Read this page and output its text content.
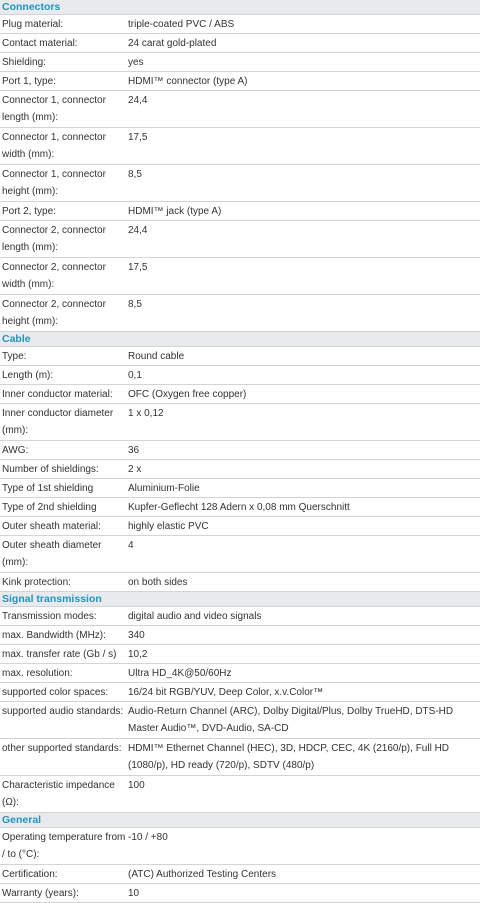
Connectors
Plug material:	triple-coated PVC / ABS
Contact material:	24 carat gold-plated
Shielding:	yes
Port 1, type:	HDMI™ connector (type A)
Connector 1, connector length (mm):
24,4
Connector 1, connector width (mm):
17,5
Connector 1, connector height (mm):
8,5
Port 2, type:	HDMI™ jack (type A)
Connector 2, connector length (mm):
24,4
Connector 2, connector width (mm):
17,5
Connector 2, connector height (mm):
8,5
Cable
Type:	Round cable
Length (m):	0,1
Inner conductor material:	OFC (Oxygen free copper)
Inner conductor diameter (mm):
1 x 0,12
AWG:	36
Number of shieldings:	2 x
Type of 1st shielding	Aluminium-Folie
Type of 2nd shielding	Kupfer-Geflecht 128 Adern x 0,08 mm Querschnitt
Outer sheath material:	highly elastic PVC
Outer sheath diameter (mm):
4
Kink protection:	on both sides
Signal transmission
Transmission modes:	digital audio and video signals
max. Bandwidth (MHz):	340
max. transfer rate (Gb / s)	10,2
max. resolution:	Ultra HD_4K@50/60Hz
supported color spaces:	16/24 bit RGB/YUV, Deep Color, x.v.Color™
supported audio standards: Audio-Return Channel (ARC), Dolby Digital/Plus, Dolby TrueHD, DTS-HD Master Audio™, DVD-Audio, SA-CD
other supported standards: HDMI™ Ethernet Channel (HEC), 3D, HDCP, CEC, 4K (2160/p), Full HD (1080/p), HD ready (720/p), SDTV (480/p)
Characteristic impedance (Ω):
100
General
Operating temperature from / to (°C):
-10 / +80
Certification:	(ATC) Authorized Testing Centers
Warranty (years):	10
